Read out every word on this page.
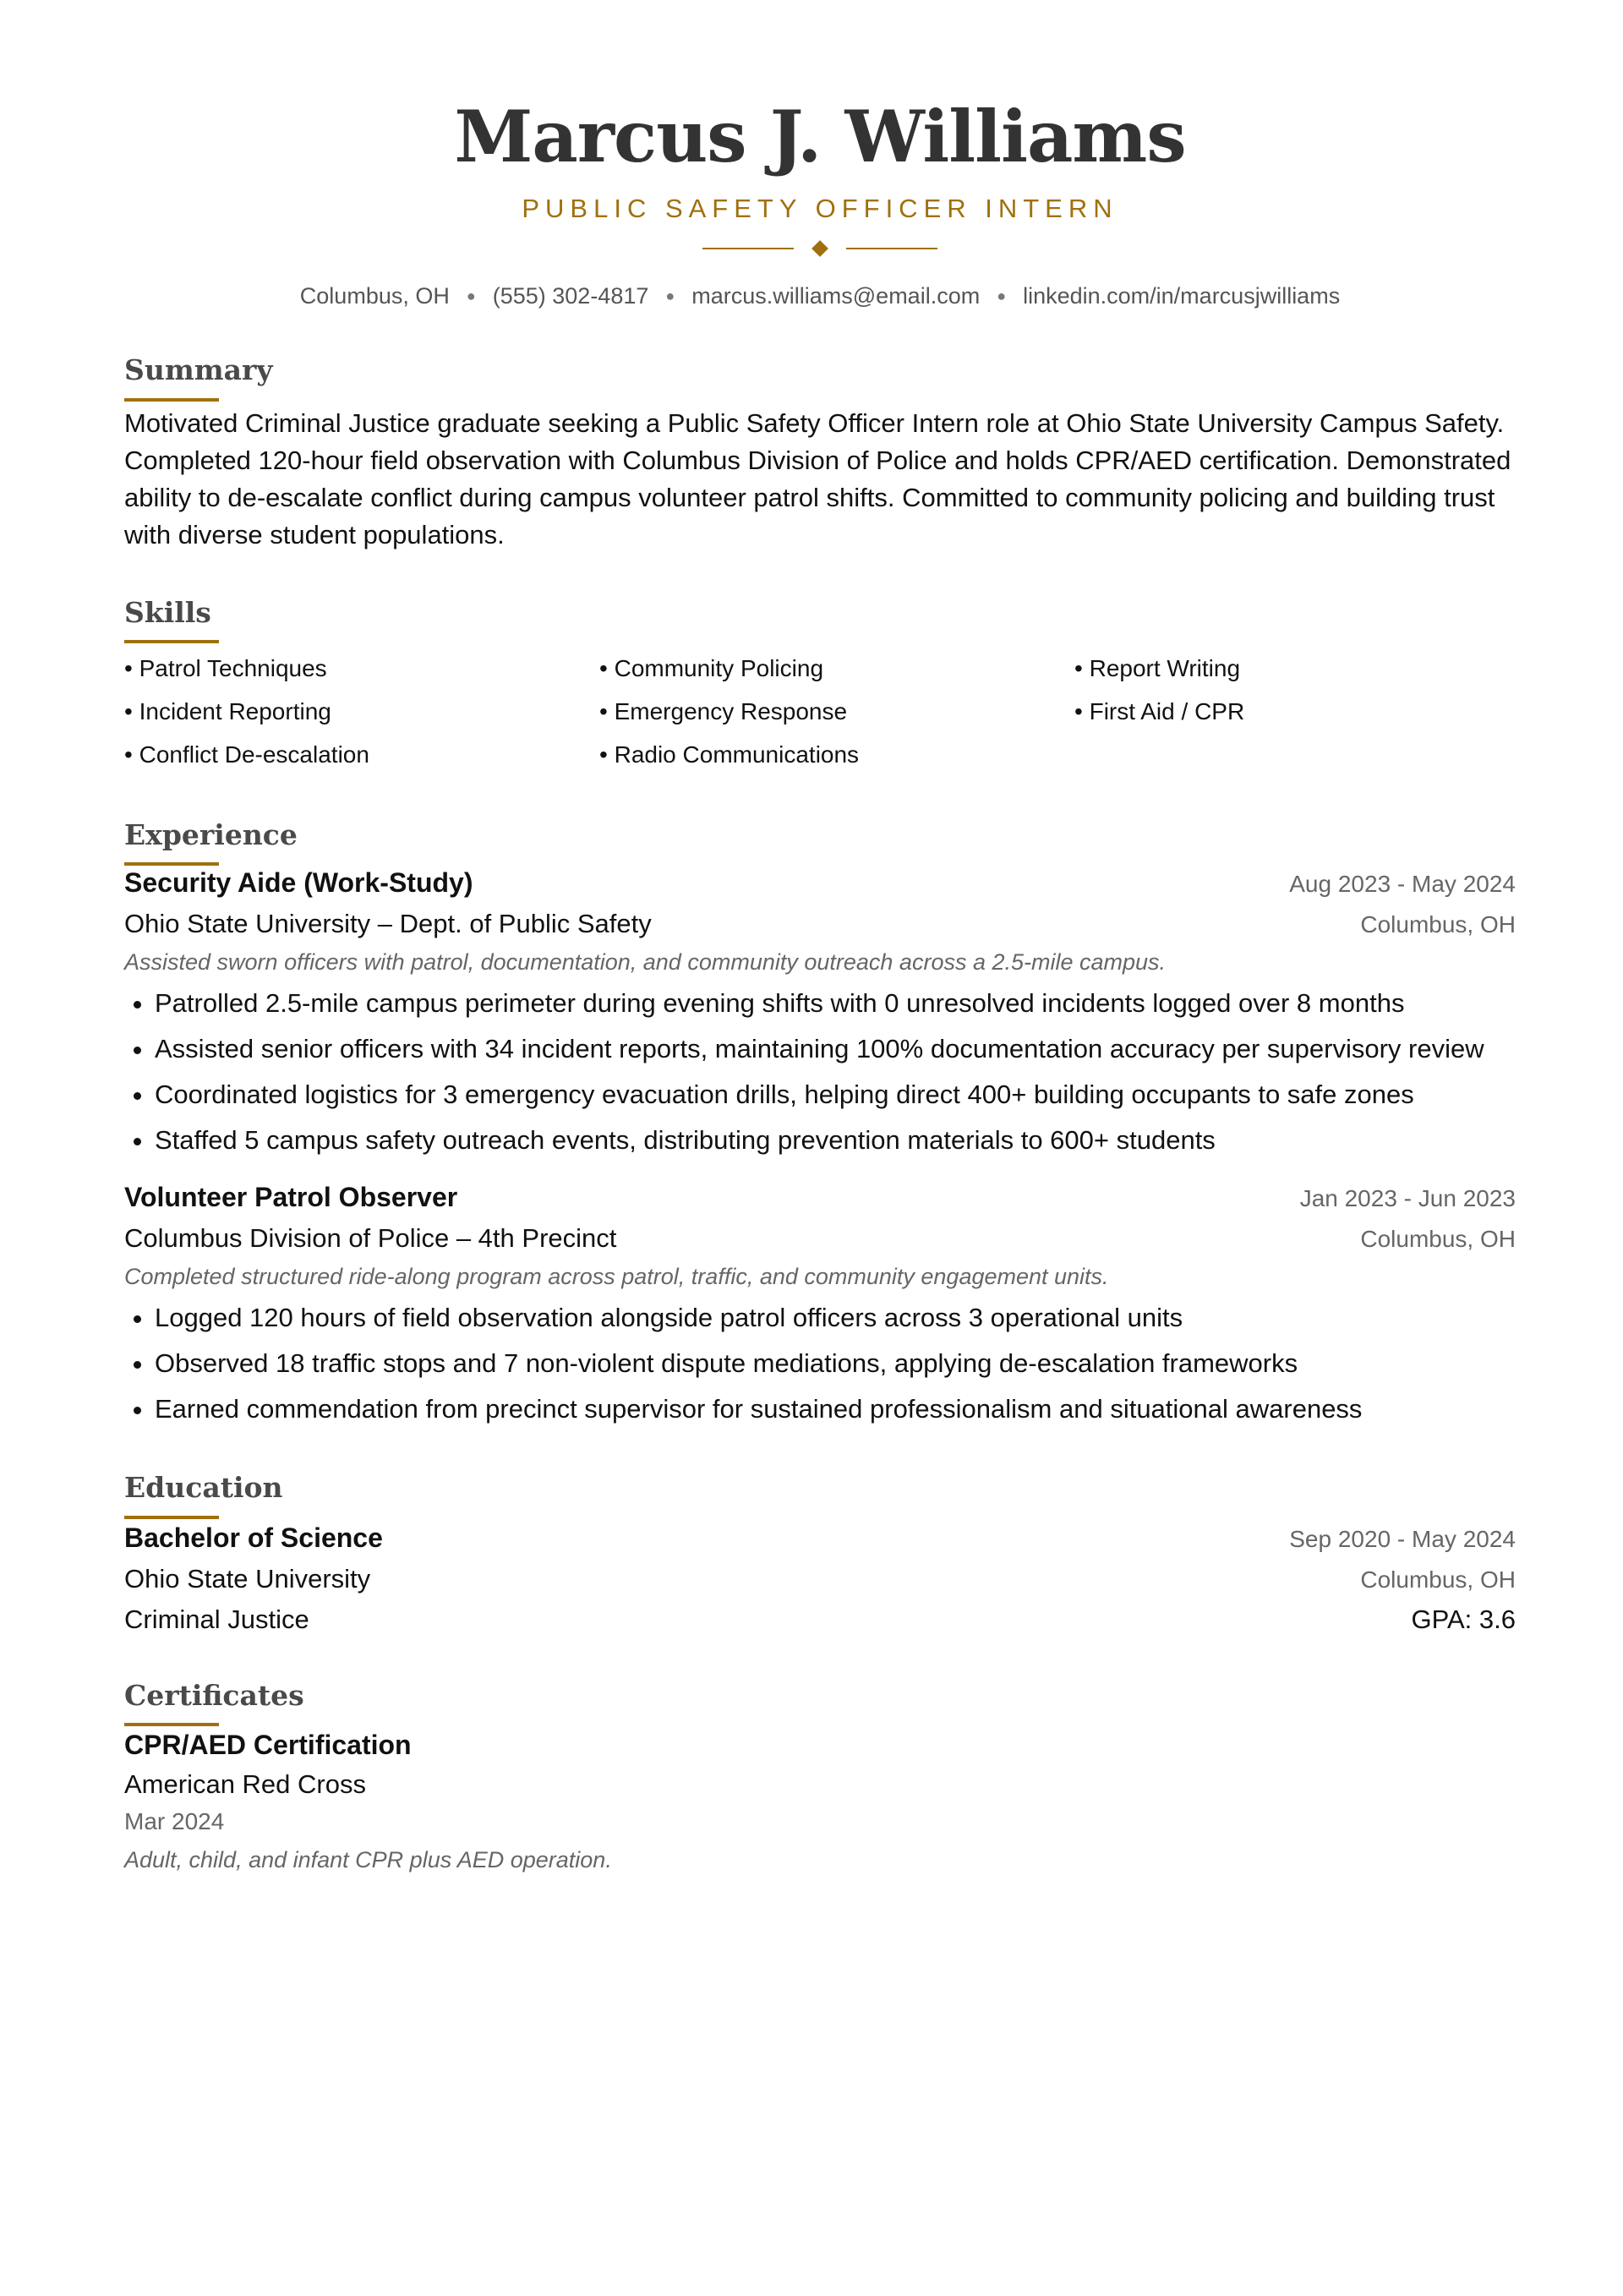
Marcus J. Williams
PUBLIC SAFETY OFFICER INTERN
Columbus, OH ● (555) 302-4817 ● marcus.williams@email.com ● linkedin.com/in/marcusjwilliams
Summary
Motivated Criminal Justice graduate seeking a Public Safety Officer Intern role at Ohio State University Campus Safety. Completed 120-hour field observation with Columbus Division of Police and holds CPR/AED certification. Demonstrated ability to de-escalate conflict during campus volunteer patrol shifts. Committed to community policing and building trust with diverse student populations.
Skills
• Patrol Techniques	• Community Policing	• Report Writing
• Incident Reporting	• Emergency Response	• First Aid / CPR
• Conflict De-escalation	• Radio Communications
Experience
Security Aide (Work-Study)	Aug 2023 - May 2024
Ohio State University – Dept. of Public Safety	Columbus, OH
Assisted sworn officers with patrol, documentation, and community outreach across a 2.5-mile campus.
• Patrolled 2.5-mile campus perimeter during evening shifts with 0 unresolved incidents logged over 8 months
• Assisted senior officers with 34 incident reports, maintaining 100% documentation accuracy per supervisory review
• Coordinated logistics for 3 emergency evacuation drills, helping direct 400+ building occupants to safe zones
• Staffed 5 campus safety outreach events, distributing prevention materials to 600+ students
Volunteer Patrol Observer	Jan 2023 - Jun 2023
Columbus Division of Police – 4th Precinct	Columbus, OH
Completed structured ride-along program across patrol, traffic, and community engagement units.
• Logged 120 hours of field observation alongside patrol officers across 3 operational units
• Observed 18 traffic stops and 7 non-violent dispute mediations, applying de-escalation frameworks
• Earned commendation from precinct supervisor for sustained professionalism and situational awareness
Education
Bachelor of Science	Sep 2020 - May 2024
Ohio State University	Columbus, OH
Criminal Justice	GPA: 3.6
Certificates
CPR/AED Certification
American Red Cross
Mar 2024
Adult, child, and infant CPR plus AED operation.
